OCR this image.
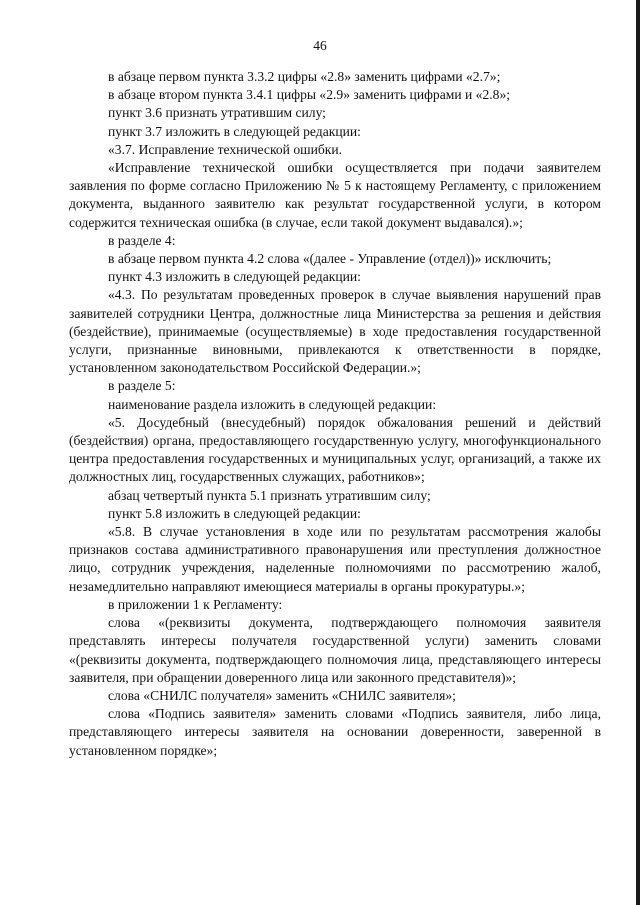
46

в абзаце первом пункта 3.3.2 цифры «2.8» заменить цифрами «2.7»;

в абзаце втором пункта 3.4.1 цифры «2.9» заменить цифрами и «2.8»;

пункт 3.6 признать утратившим силу;

пункт 3.7 изложить в следующей редакции:

«3.7. Исправление технической ошибки.

«Исправление технической ошибки осуществляется при подачи заявителем заявления по форме согласно Приложению № 5 к настоящему Регламенту, с приложением документа, выданного заявителю как результат государственной услуги, в котором содержится техническая ошибка (в случае, если такой документ выдавался).»;

в разделе 4:

в абзаце первом пункта 4.2 слова «(далее - Управление (отдел))» исключить;

пункт 4.3 изложить в следующей редакции:

«4.3. По результатам проведенных проверок в случае выявления нарушений прав заявителей сотрудники Центра, должностные лица Министерства за решения и действия (бездействие), принимаемые (осуществляемые) в ходе предоставления государственной услуги, признанные виновными, привлекаются к ответственности в порядке, установленном законодательством Российской Федерации.»;

в разделе 5:

наименование раздела изложить в следующей редакции:

«5. Досудебный (внесудебный) порядок обжалования решений и действий (бездействия) органа, предоставляющего государственную услугу, многофункционального центра предоставления государственных и муниципальных услуг, организаций, а также их должностных лиц, государственных служащих, работников»;

абзац четвертый пункта 5.1 признать утратившим силу;

пункт 5.8 изложить в следующей редакции:

«5.8. В случае установления в ходе или по результатам рассмотрения жалобы признаков состава административного правонарушения или преступления должностное лицо, сотрудник учреждения, наделенные полномочиями по рассмотрению жалоб, незамедлительно направляют имеющиеся материалы в органы прокуратуры.»;

в приложении 1 к Регламенту:

слова «(реквизиты документа, подтверждающего полномочия заявителя представлять интересы получателя государственной услуги) заменить словами «(реквизиты документа, подтверждающего полномочия лица, представляющего интересы заявителя, при обращении доверенного лица или законного представителя)»;

слова «СНИЛС получателя» заменить «СНИЛС заявителя»;

слова «Подпись заявителя» заменить словами «Подпись заявителя, либо лица, представляющего интересы заявителя на основании доверенности, заверенной в установленном порядке»;
